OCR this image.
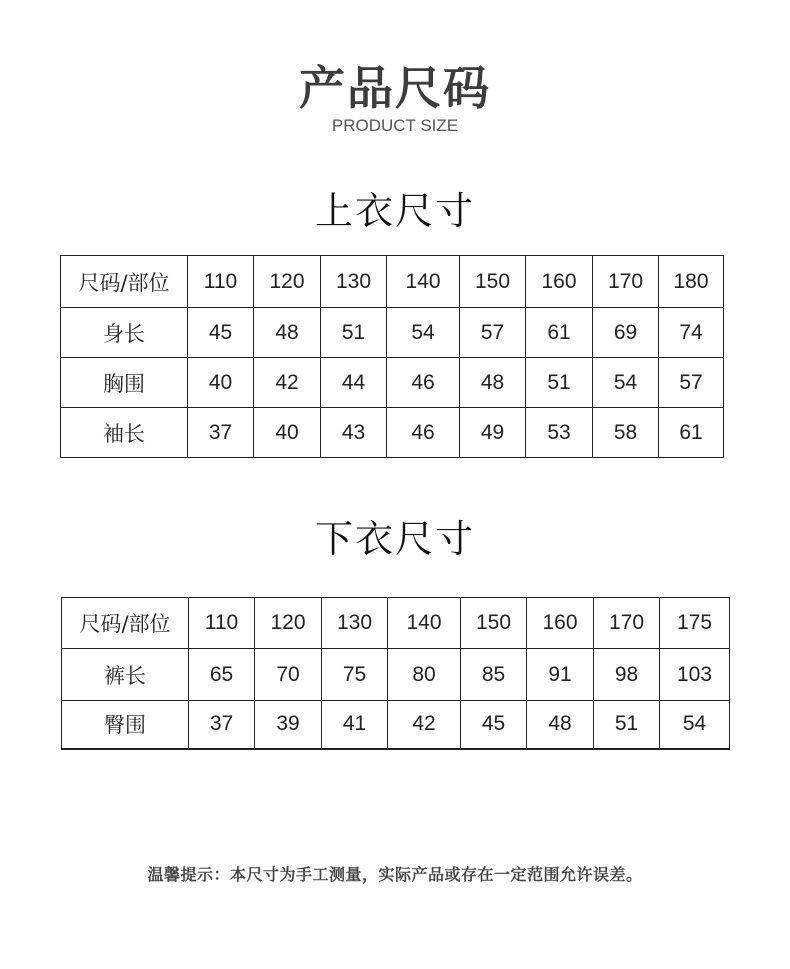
产品尺码
PRODUCT SIZE
上衣尺寸
尺码/部位	110	120	130	140	150	160	170	180
身长	45	48	51	54	57	61	69	74
胸围	40	42	44	46	48	51	54	57
袖长	37	40	43	46	49	53	58	61
下衣尺寸
尺码/部位	110	120	130	140	150	160	170	175
裤长	65	70	75	80	85	91	98	103
臀围	37	39	41	42	45	48	51	54
温馨提示：本尺寸为手工测量，实际产品或存在一定范围允许误差。
